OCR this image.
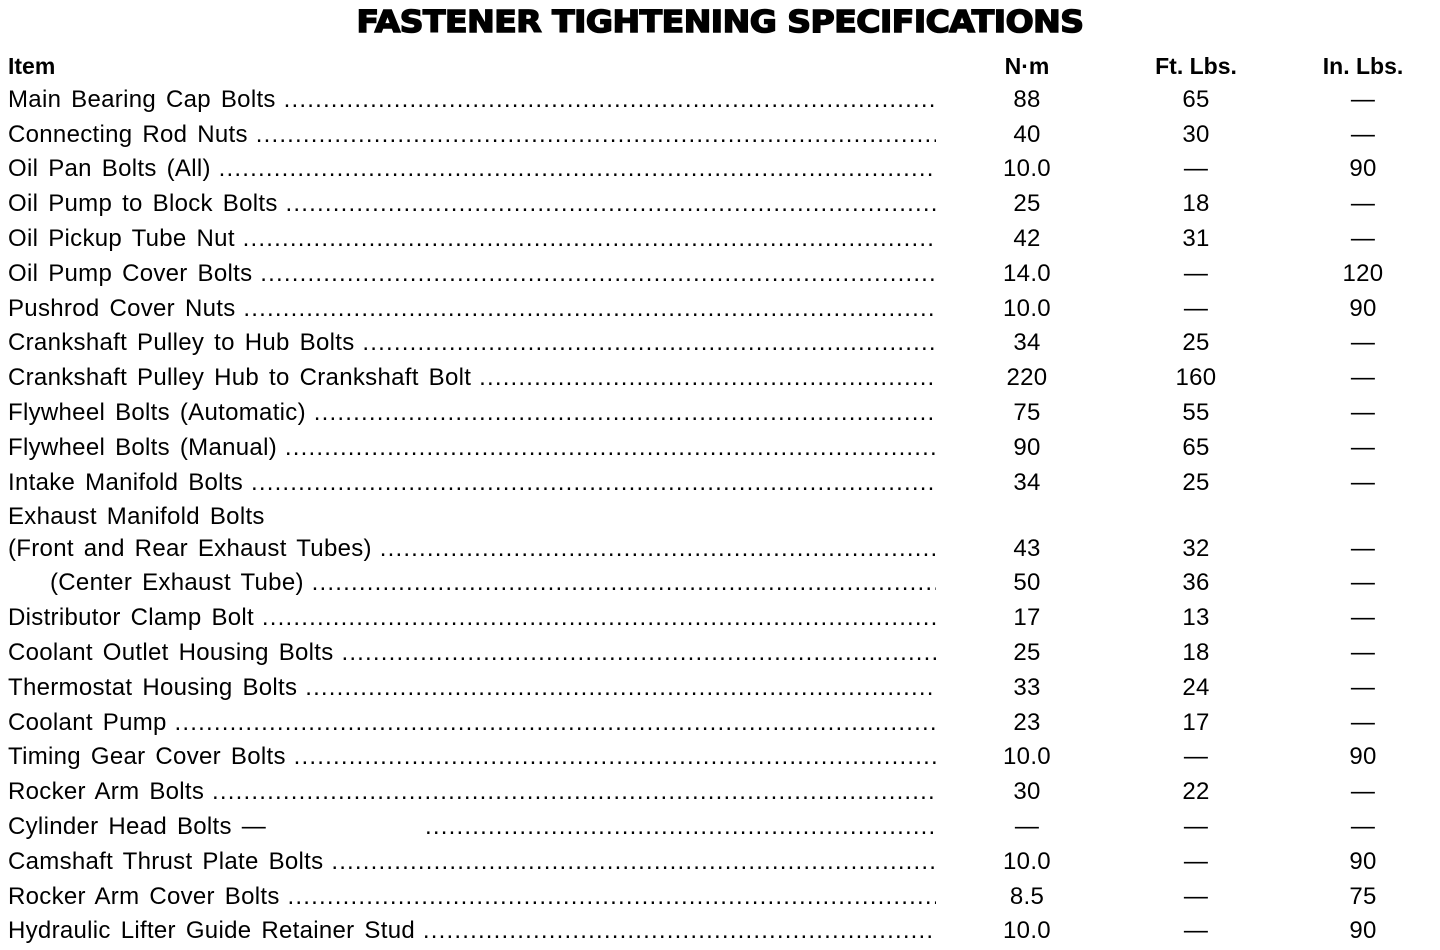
FASTENER TIGHTENING SPECIFICATIONS
Item	N·m	Ft. Lbs.	In. Lbs.
Main Bearing Cap Bolts .....	88	65	—
Connecting Rod Nuts .....	40	30	—
Oil Pan Bolts (All) .....	10.0	—	90
Oil Pump to Block Bolts .....	25	18	—
Oil Pickup Tube Nut .....	42	31	—
Oil Pump Cover Bolts .....	14.0	—	120
Pushrod Cover Nuts .....	10.0	—	90
Crankshaft Pulley to Hub Bolts .....	34	25	—
Crankshaft Pulley Hub to Crankshaft Bolt .....	220	160	—
Flywheel Bolts (Automatic) .....	75	55	—
Flywheel Bolts (Manual) .....	90	65	—
Intake Manifold Bolts .....	34	25	—
Exhaust Manifold Bolts
(Front and Rear Exhaust Tubes) .....	43	32	—
(Center Exhaust Tube) .....	50	36	—
Distributor Clamp Bolt .....	17	13	—
Coolant Outlet Housing Bolts .....	25	18	—
Thermostat Housing Bolts .....	33	24	—
Coolant Pump .....	23	17	—
Timing Gear Cover Bolts .....	10.0	—	90
Rocker Arm Bolts .....	30	22	—
Cylinder Head Bolts —
.....	—	—	—
Camshaft Thrust Plate Bolts .....	10.0	—	90
Rocker Arm Cover Bolts .....	8.5	—	75
Hydraulic Lifter Guide Retainer Stud .....	10.0	—	90
